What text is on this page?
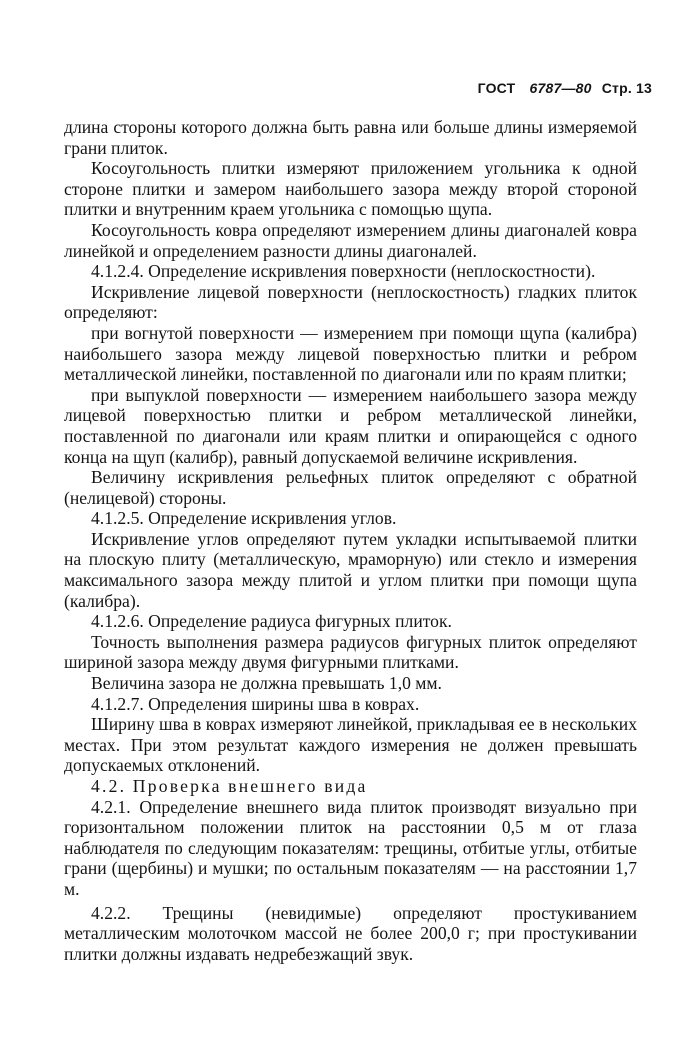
ГОСТ 6787—80 Стр. 13

длина стороны которого должна быть равна или больше длины измеряемой грани плиток.

Косоугольность плитки измеряют приложением угольника к одной стороне плитки и замером наибольшего зазора между второй стороной плитки и внутренним краем угольника с помощью щупа.

Косоугольность ковра определяют измерением длины диагоналей ковра линейкой и определением разности длины диагоналей.

4.1.2.4. Определение искривления поверхности (неплоскостности).

Искривление лицевой поверхности (неплоскостность) гладких плиток определяют:

при вогнутой поверхности — измерением при помощи щупа (калибра) наибольшего зазора между лицевой поверхностью плитки и ребром металлической линейки, поставленной по диагонали или по краям плитки;

при выпуклой поверхности — измерением наибольшего зазора между лицевой поверхностью плитки и ребром металлической линейки, поставленной по диагонали или краям плитки и опирающейся с одного конца на щуп (калибр), равный допускаемой величине искривления.

Величину искривления рельефных плиток определяют с обратной (нелицевой) стороны.

4.1.2.5. Определение искривления углов.

Искривление углов определяют путем укладки испытываемой плитки на плоскую плиту (металлическую, мраморную) или стекло и измерения максимального зазора между плитой и углом плитки при помощи щупа (калибра).

4.1.2.6. Определение радиуса фигурных плиток.

Точность выполнения размера радиусов фигурных плиток определяют шириной зазора между двумя фигурными плитками.

Величина зазора не должна превышать 1,0 мм.

4.1.2.7. Определения ширины шва в коврах.

Ширину шва в коврах измеряют линейкой, прикладывая ее в нескольких местах. При этом результат каждого измерения не должен превышать допускаемых отклонений.

4.2. Проверка внешнего вида

4.2.1. Определение внешнего вида плиток производят визуально при горизонтальном положении плиток на расстоянии 0,5 м от глаза наблюдателя по следующим показателям: трещины, отбитые углы, отбитые грани (щербины) и мушки; по остальным показателям — на расстоянии 1,7 м.

4.2.2. Трещины (невидимые) определяют простукиванием металлическим молоточком массой не более 200,0 г; при простукивании плитки должны издавать недребезжащий звук.
